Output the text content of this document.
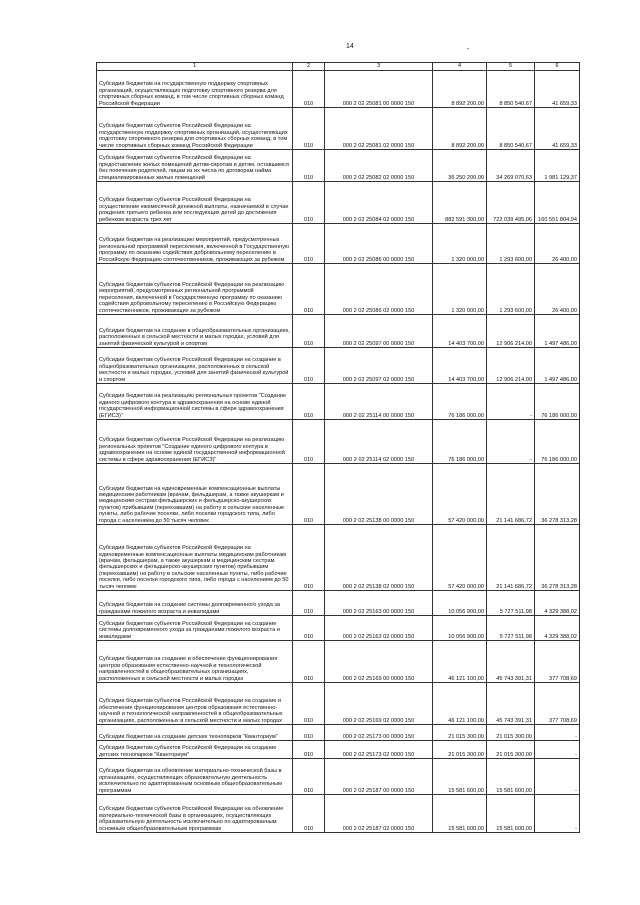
14	-
1	2	3	4	5	6
Субсидии бюджетам на государственную поддержку спортивных организаций, осуществляющих подготовку спортивного резерва для спортивных сборных команд, в том числе спортивных сборных команд Российской Федерации	010	000 2 02 25081 00 0000 150	8 892 200,00	8 850 540,67	41 659,33
Субсидии бюджетам субъектов Российской Федерации на государственную поддержку спортивных организаций, осуществляющих подготовку спортивного резерва для спортивных сборных команд, в том числе спортивных сборных команд Российской Федерации	010	000 2 02 25081 02 0000 150	8 892 200,00	8 850 540,67	41 659,33
Субсидии бюджетам субъектов Российской Федерации на предоставление жилых помещений детям-сиротам и детям, оставшимся без попечения родителей, лицам из их числа по договорам найма специализированных жилых помещений	010	000 2 02 25082 02 0000 150	36 250 200,00	34 269 070,63	1 981 129,37
Субсидии бюджетам субъектов Российской Федерации на осуществление ежемесячной денежной выплаты, назначаемой в случае рождения третьего ребенка или последующих детей до достижения ребенком возраста трех лет	010	000 2 02 25084 02 0000 150	882 591 300,00	722 039 495,06	160 551 804,94
Субсидии бюджетам на реализацию мероприятий, предусмотренных региональной программой переселения, включенной в Государственную программу по оказанию содействия добровольному переселению в Российскую Федерацию соотечественников, проживающих за рубежом	010	000 2 02 25086 00 0000 150	1 320 000,00	1 293 600,00	26 400,00
Субсидии бюджетам субъектов Российской Федерации на реализацию мероприятий, предусмотренных региональной программой переселения, включенной в Государственную программу по оказанию содействия добровольному переселению в Российскую Федерацию соотечественников, проживающих за рубежом	010	000 2 02 25086 02 0000 150	1 320 000,00	1 293 600,00	26 400,00
Субсидии бюджетам на создание в общеобразовательных организациях, расположенных в сельской местности и малых городах, условий для занятий физической культурой и спортом	010	000 2 02 25097 00 0000 150	14 403 700,00	12 906 214,00	1 497 486,00
Субсидии бюджетам субъектов Российской Федерации на создание в общеобразовательных организациях, расположенных в сельской местности и малых городах, условий для занятий физической культурой и спортом	010	000 2 02 25097 02 0000 150	14 403 700,00	12 906 214,00	1 497 486,00
Субсидии бюджетам на реализацию региональных проектов "Создание единого цифрового контура в здравоохранении на основе единой государственной информационной системы в сфере здравоохранения (ЕГИСЗ)"	010	000 2 02 25114 00 0000 150	76 186 000,00	-	76 186 000,00
Субсидии бюджетам субъектов Российской Федерации на реализацию региональных проектов "Создание единого цифрового контура в здравоохранении на основе единой государственной информационной системы в сфере здравоохранения (ЕГИСЗ)"	010	000 2 02 25114 02 0000 150	76 186 000,00	-	76 186 000,00
Субсидии бюджетам на единовременные компенсационные выплаты медицинским работникам (врачам, фельдшерам, а также акушеркам и медицинским сестрам фельдшерских и фельдшерско-акушерских пунктов) прибывшим (переехавшим) на работу в сельские населенные пункты, либо рабочие поселки, либо поселки городского типа, либо города с населением до 50 тысяч человек	010	000 2 02 25138 00 0000 150	57 420 000,00	21 141 686,72	36 278 313,28
Субсидии бюджетам субъектов Российской Федерации на единовременные компенсационные выплаты медицинским работникам (врачам, фельдшерам, а также акушеркам и медицинским сестрам фельдшерских и фельдшерско-акушерских пунктов) прибывшим (переехавшим) на работу в сельские населенные пункты, либо рабочие поселки, либо поселки городского типа, либо города с населением до 50 тысяч человек	010	000 2 02 25138 02 0000 150	57 420 000,00	21 141 686,72	36 278 313,28
Субсидии бюджетам на создание системы долговременного ухода за гражданами пожилого возраста и инвалидами	010	000 2 02 25163 00 0000 150	10 056 900,00	5 727 511,98	4 329 388,02
Субсидии бюджетам субъектов Российской Федерации на создание системы долговременного ухода за гражданами пожилого возраста и инвалидами	010	000 2 02 25163 02 0000 150	10 056 900,00	5 727 511,98	4 329 388,02
Субсидии бюджетам на создание и обеспечение функционирования центров образования естественно-научной и технологической направленностей в общеобразовательных организациях, расположенных в сельской местности и малых городах	010	000 2 02 25169 00 0000 150	46 121 100,00	45 743 391,31	377 708,69
Субсидии бюджетам субъектов Российской Федерации на создание и обеспечение функционирования центров образования естественно-научной и технологической направленностей в общеобразовательных организациях, расположенных в сельской местности и малых городах	010	000 2 02 25169 02 0000 150	46 121 100,00	45 743 391,31	377 708,69
Субсидии бюджетам на создание детских технопарков "Кванториум"	010	000 2 02 25173 00 0000 150	21 015 300,00	21 015 300,00	-
Субсидии бюджетам субъектов Российской Федерации на создание детских технопарков "Кванториум"	010	000 2 02 25173 02 0000 150	21 015 300,00	21 015 300,00	-
Субсидии бюджетам на обновление материально-технической базы в организациях, осуществляющих образовательную деятельность исключительно по адаптированным основным общеобразовательным программам	010	000 2 02 25187 00 0000 150	15 581 600,00	15 581 600,00	-
Субсидии бюджетам субъектов Российской Федерации на обновление материально-технической базы в организациях, осуществляющих образовательную деятельность исключительно по адаптированным основным общеобразовательным программам	010	000 2 02 25187 02 0000 150	15 581 600,00	15 581 600,00	-
